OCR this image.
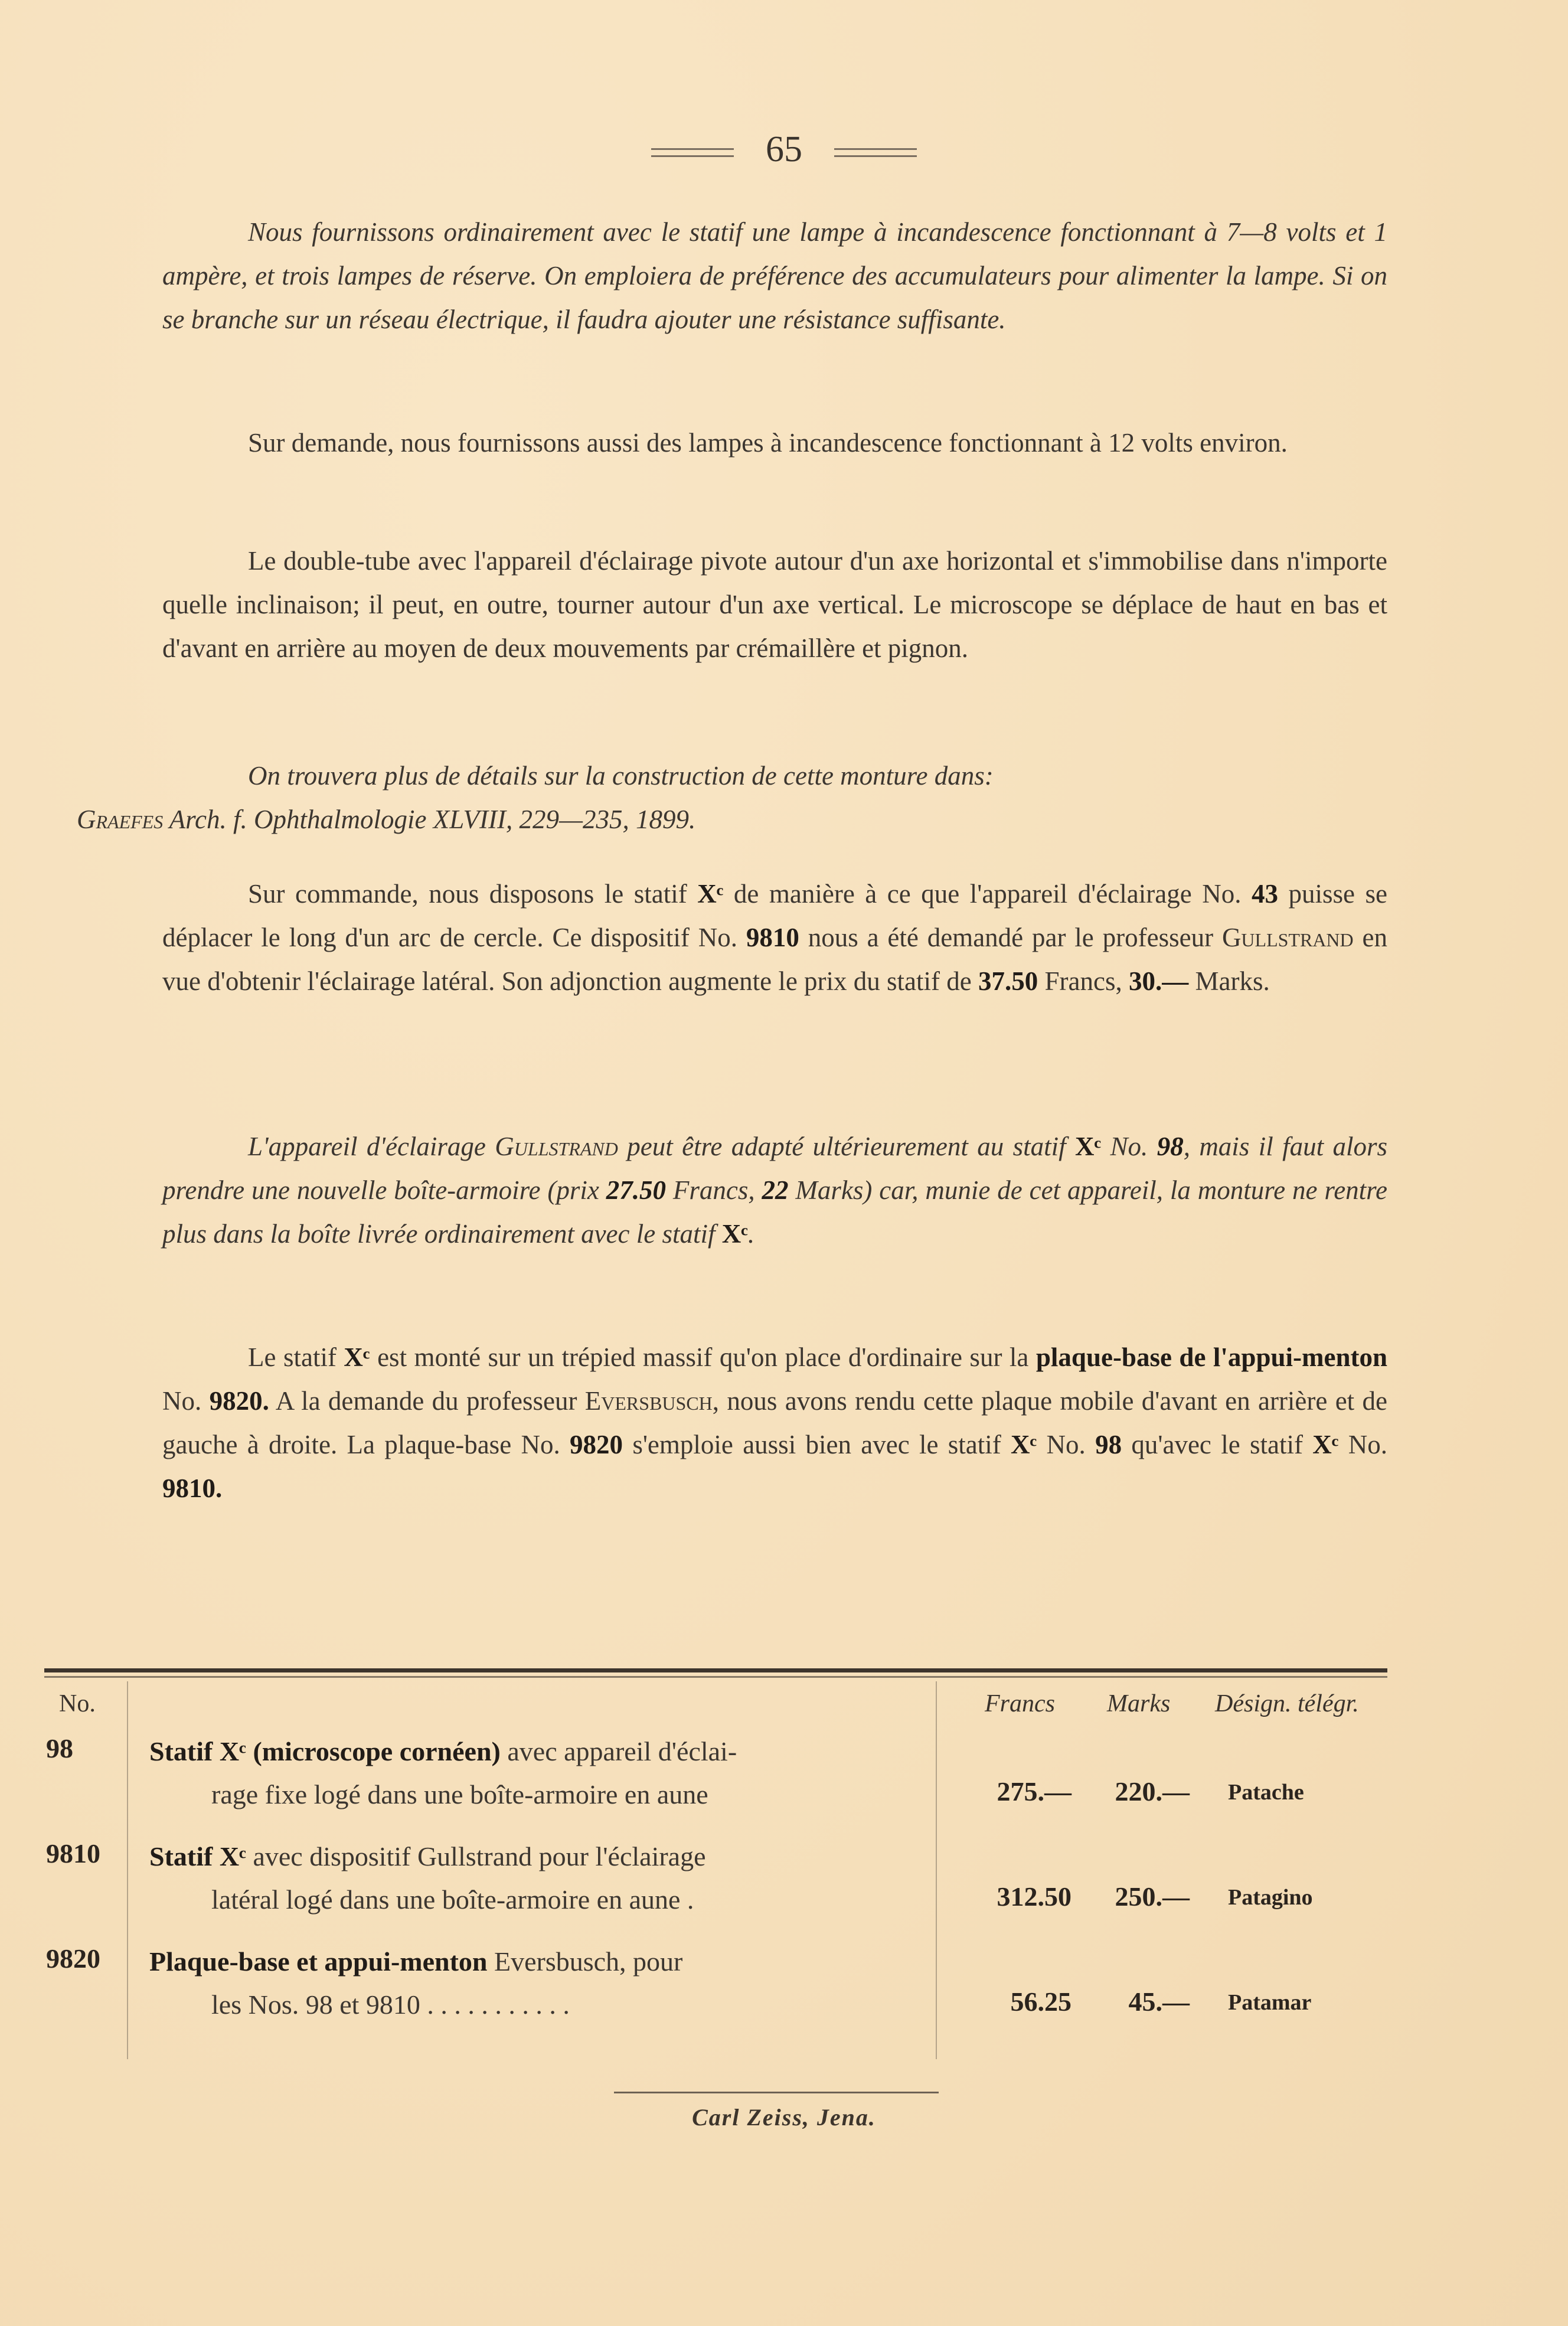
65

Nous fournissons ordinairement avec le statif une lampe à incandescence fonctionnant à 7—8 volts et 1 ampère, et trois lampes de réserve. On emploiera de préférence des accumulateurs pour alimenter la lampe. Si on se branche sur un réseau électrique, il faudra ajouter une résistance suffisante.

Sur demande, nous fournissons aussi des lampes à incandescence fonctionnant à 12 volts environ.

Le double-tube avec l'appareil d'éclairage pivote autour d'un axe horizontal et s'immobilise dans n'importe quelle inclinaison; il peut, en outre, tourner autour d'un axe vertical. Le microscope se déplace de haut en bas et d'avant en arrière au moyen de deux mouvements par crémaillère et pignon.

On trouvera plus de détails sur la construction de cette monture dans:
Graefes Arch. f. Ophthalmologie XLVIII, 229—235, 1899.

Sur commande, nous disposons le statif Xᶜ de manière à ce que l'appareil d'éclairage No. 43 puisse se déplacer le long d'un arc de cercle. Ce dispositif No. 9810 nous a été demandé par le professeur Gullstrand en vue d'obtenir l'éclairage latéral. Son adjonction augmente le prix du statif de 37.50 Francs, 30.— Marks.

L'appareil d'éclairage Gullstrand peut être adapté ultérieurement au statif Xᶜ No. 98, mais il faut alors prendre une nouvelle boîte-armoire (prix 27.50 Francs, 22 Marks) car, munie de cet appareil, la monture ne rentre plus dans la boîte livrée ordinairement avec le statif Xᶜ.

Le statif Xᶜ est monté sur un trépied massif qu'on place d'ordinaire sur la plaque-base de l'appui-menton No. 9820. A la demande du professeur Eversbusch, nous avons rendu cette plaque mobile d'avant en arrière et de gauche à droite. La plaque-base No. 9820 s'emploie aussi bien avec le statif Xᶜ No. 98 qu'avec le statif Xᶜ No. 9810.

No.	Francs Marks Désign. télégr.
98	Statif Xᶜ (microscope cornéen) avec appareil d'éclai-
rage fixe logé dans une boîte-armoire en aune	275.—	220.— Patache
9810 Statif Xᶜ avec dispositif Gullstrand pour l'éclairage
latéral logé dans une boîte-armoire en aune .	312.50	250.— Patagino
9820 Plaque-base et appui-menton Eversbusch, pour
les Nos. 98 et 9810 . . . . . . . . . . .	56.25	45.— Patamar
Carl Zeiss, Jena.
